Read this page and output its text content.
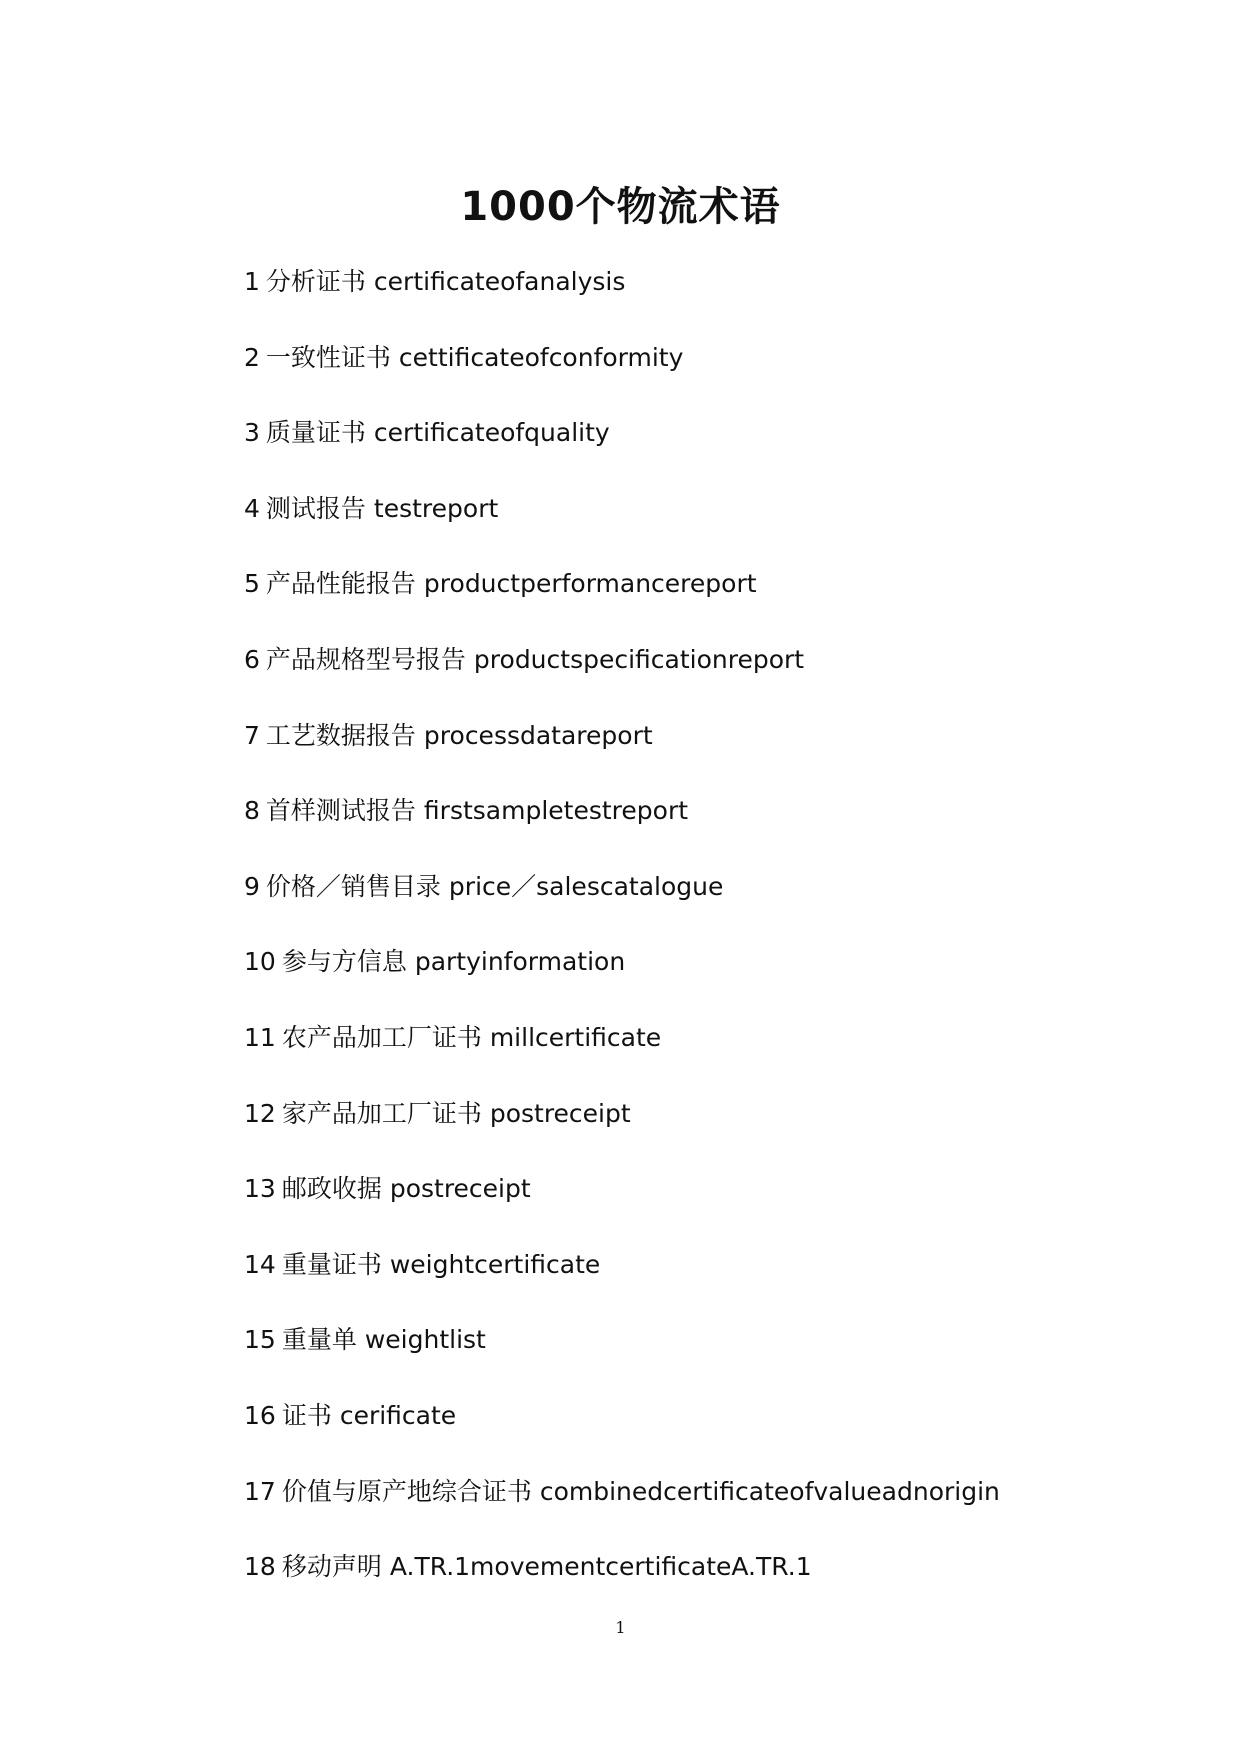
1000个物流术语
1 分析证书 certificateofanalysis
2 一致性证书 cettificateofconformity
3 质量证书 certificateofquality
4 测试报告 testreport
5 产品性能报告 productperformancereport
6 产品规格型号报告 productspecificationreport
7 工艺数据报告 processdatareport
8 首样测试报告 firstsampletestreport
9 价格／销售目录 price／salescatalogue
10 参与方信息 partyinformation
11 农产品加工厂证书 millcertificate
12 家产品加工厂证书 postreceipt
13 邮政收据 postreceipt
14 重量证书 weightcertificate
15 重量单 weightlist
16 证书 cerificate
17 价值与原产地综合证书 combinedcertificateofvalueadnorigin
18 移动声明 A.TR.1movementcertificateA.TR.1
1
